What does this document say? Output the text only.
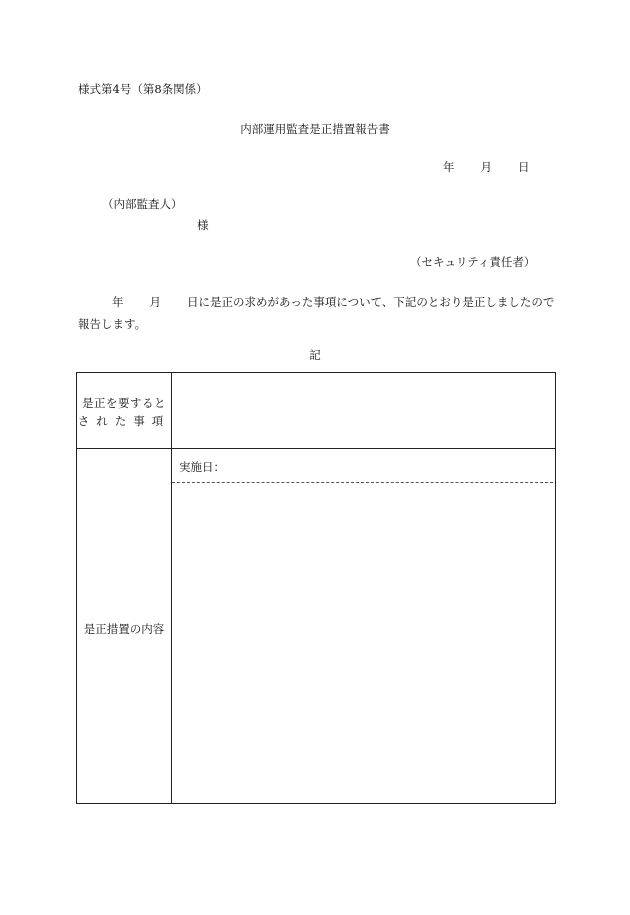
様式第4号（第8条関係）
内部運用監査是正措置報告書
年 月 日
（内部監査人）
様
（セキュリティ責任者）
年 月 日に是正の求めがあった事項について、下記のとおり是正しましたので報告します。
記
是正を要すると
された事項
是正措置の内容
実施日：
